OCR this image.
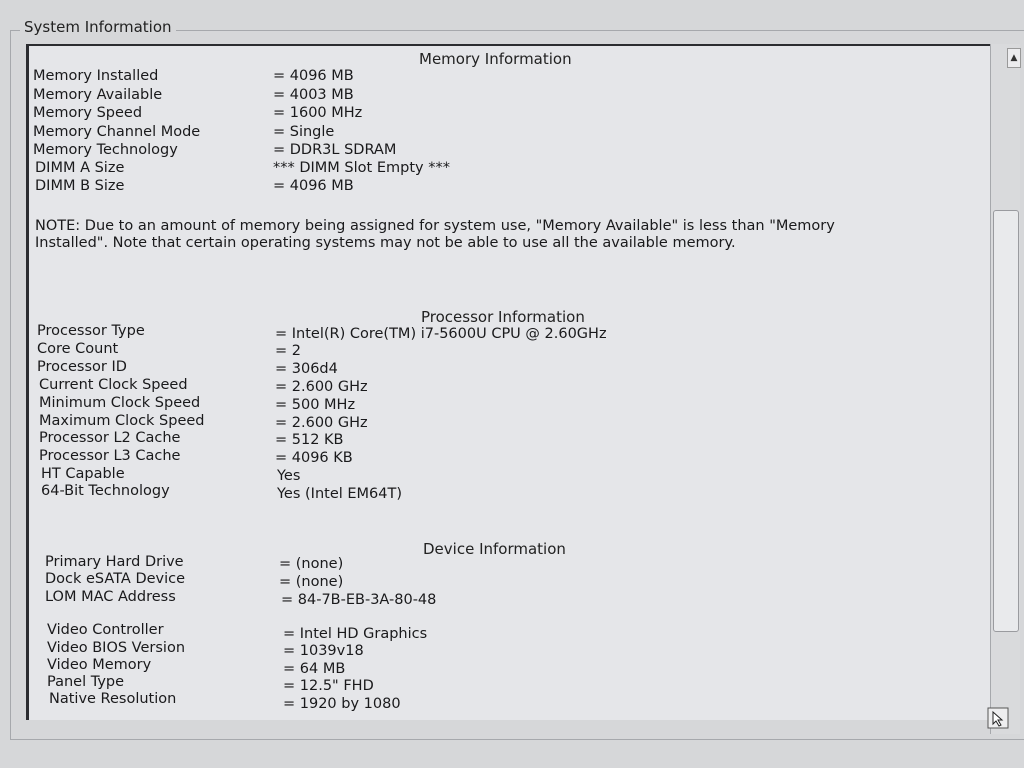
System Information
Memory Information
Memory Installed	= 4096 MB
Memory Available	= 4003 MB
Memory Speed	= 1600 MHz
Memory Channel Mode	= Single
Memory Technology	= DDR3L SDRAM
DIMM A Size	*** DIMM Slot Empty ***
DIMM B Size	= 4096 MB
NOTE: Due to an amount of memory being assigned for system use, "Memory Available" is less than "Memory Installed". Note that certain operating systems may not be able to use all the available memory.
Processor Information
Processor Type	= Intel(R) Core(TM) i7-5600U CPU @ 2.60GHz
Core Count	= 2
Processor ID	= 306d4
Current Clock Speed	= 2.600 GHz
Minimum Clock Speed	= 500 MHz
Maximum Clock Speed	= 2.600 GHz
Processor L2 Cache	= 512 KB
Processor L3 Cache	= 4096 KB
HT Capable	Yes
64-Bit Technology	Yes (Intel EM64T)
Device Information
Primary Hard Drive	= (none)
Dock eSATA Device	= (none)
LOM MAC Address	= 84-7B-EB-3A-80-48
Video Controller	= Intel HD Graphics
Video BIOS Version	= 1039v18
Video Memory	= 64 MB
Panel Type	= 12.5" FHD
Native Resolution	= 1920 by 1080
▲
